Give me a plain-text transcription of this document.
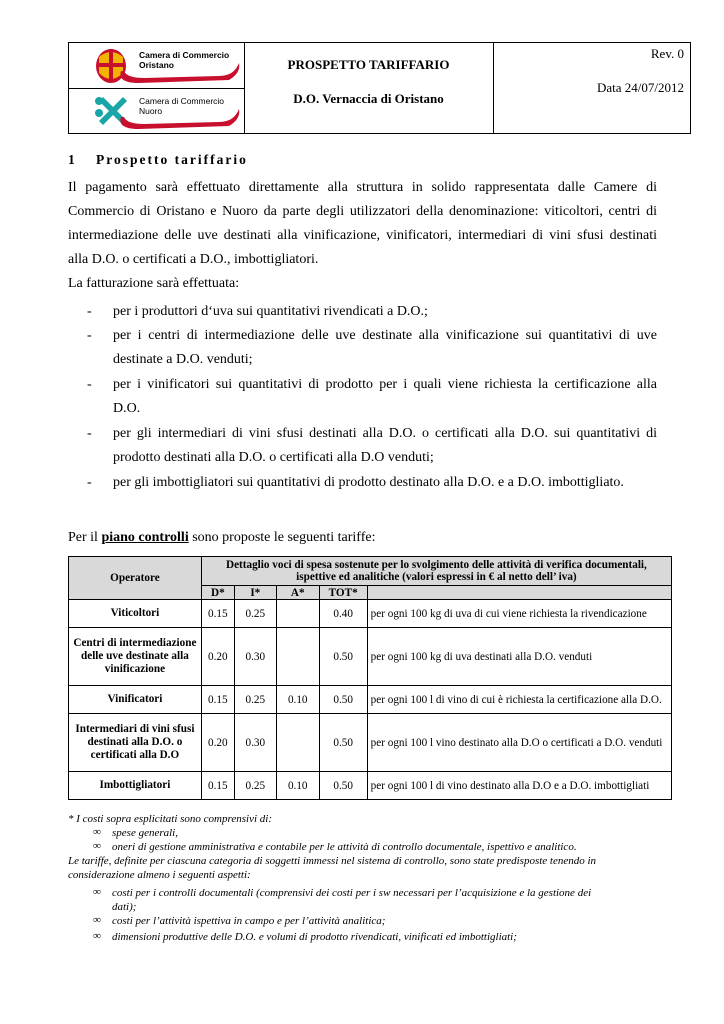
Camera di Commercio
Oristano
Camera di Commercio
Nuoro
PROSPETTO TARIFFARIO
D.O. Vernaccia di Oristano
Rev. 0
Data 24/07/2012
1 Prospetto tariffario
Il pagamento sarà effettuato direttamente alla struttura in solido rappresentata dalle Camere di
Commercio di Oristano e Nuoro da parte degli utilizzatori della denominazione: viticoltori, centri di
intermediazione delle uve destinati alla vinificazione, vinificatori, intermediari di vini sfusi destinati
alla D.O. o certificati a D.O., imbottigliatori.
La fatturazione sarà effettuata:
- per i produttori d‘uva sui quantitativi rivendicati a D.O.;
- per i centri di intermediazione delle uve destinate alla vinificazione sui quantitativi di uve
destinate a D.O. venduti;
- per i vinificatori sui quantitativi di prodotto per i quali viene richiesta la certificazione alla
D.O.
- per gli intermediari di vini sfusi destinati alla D.O. o certificati alla D.O. sui quantitativi di
prodotto destinati alla D.O. o certificati alla D.O venduti;
- per gli imbottigliatori sui quantitativi di prodotto destinato alla D.O. e a D.O. imbottigliato.
Per il piano controlli sono proposte le seguenti tariffe:
Operatore	Dettaglio voci di spesa sostenute per lo svolgimento delle attività di verifica documentali, ispettive ed analitiche (valori espressi in € al netto dell’ iva)				
	D*	I*	A*	TOT*	
Viticoltori	0.15	0.25		0.40	per ogni 100 kg di uva di cui viene richiesta la rivendicazione
Centri di intermediazione delle uve destinate alla vinificazione	0.20	0.30		0.50	per ogni 100 kg di uva destinati alla D.O. venduti
Vinificatori	0.15	0.25	0.10	0.50	per ogni 100 l di vino di cui è richiesta la certificazione alla D.O.
Intermediari di vini sfusi destinati alla D.O. o certificati alla D.O	0.20	0.30		0.50	per ogni 100 l vino destinato alla D.O o certificati a D.O. venduti
Imbottigliatori	0.15	0.25	0.10	0.50	per ogni 100 l di vino destinato alla D.O e a D.O. imbottigliati
* I costi sopra esplicitati sono comprensivi di:
∞ spese generali,
∞ oneri di gestione amministrativa e contabile per le attività di controllo documentale, ispettivo e analitico.
Le tariffe, definite per ciascuna categoria di soggetti immessi nel sistema di controllo, sono state predisposte tenendo in
considerazione almeno i seguenti aspetti:
∞ costi per i controlli documentali (comprensivi dei costi per i sw necessari per l’acquisizione e la gestione dei
dati);
∞ costi per l’attività ispettiva in campo e per l’attività analitica;
∞ dimensioni produttive delle D.O. e volumi di prodotto rivendicati, vinificati ed imbottigliati;
